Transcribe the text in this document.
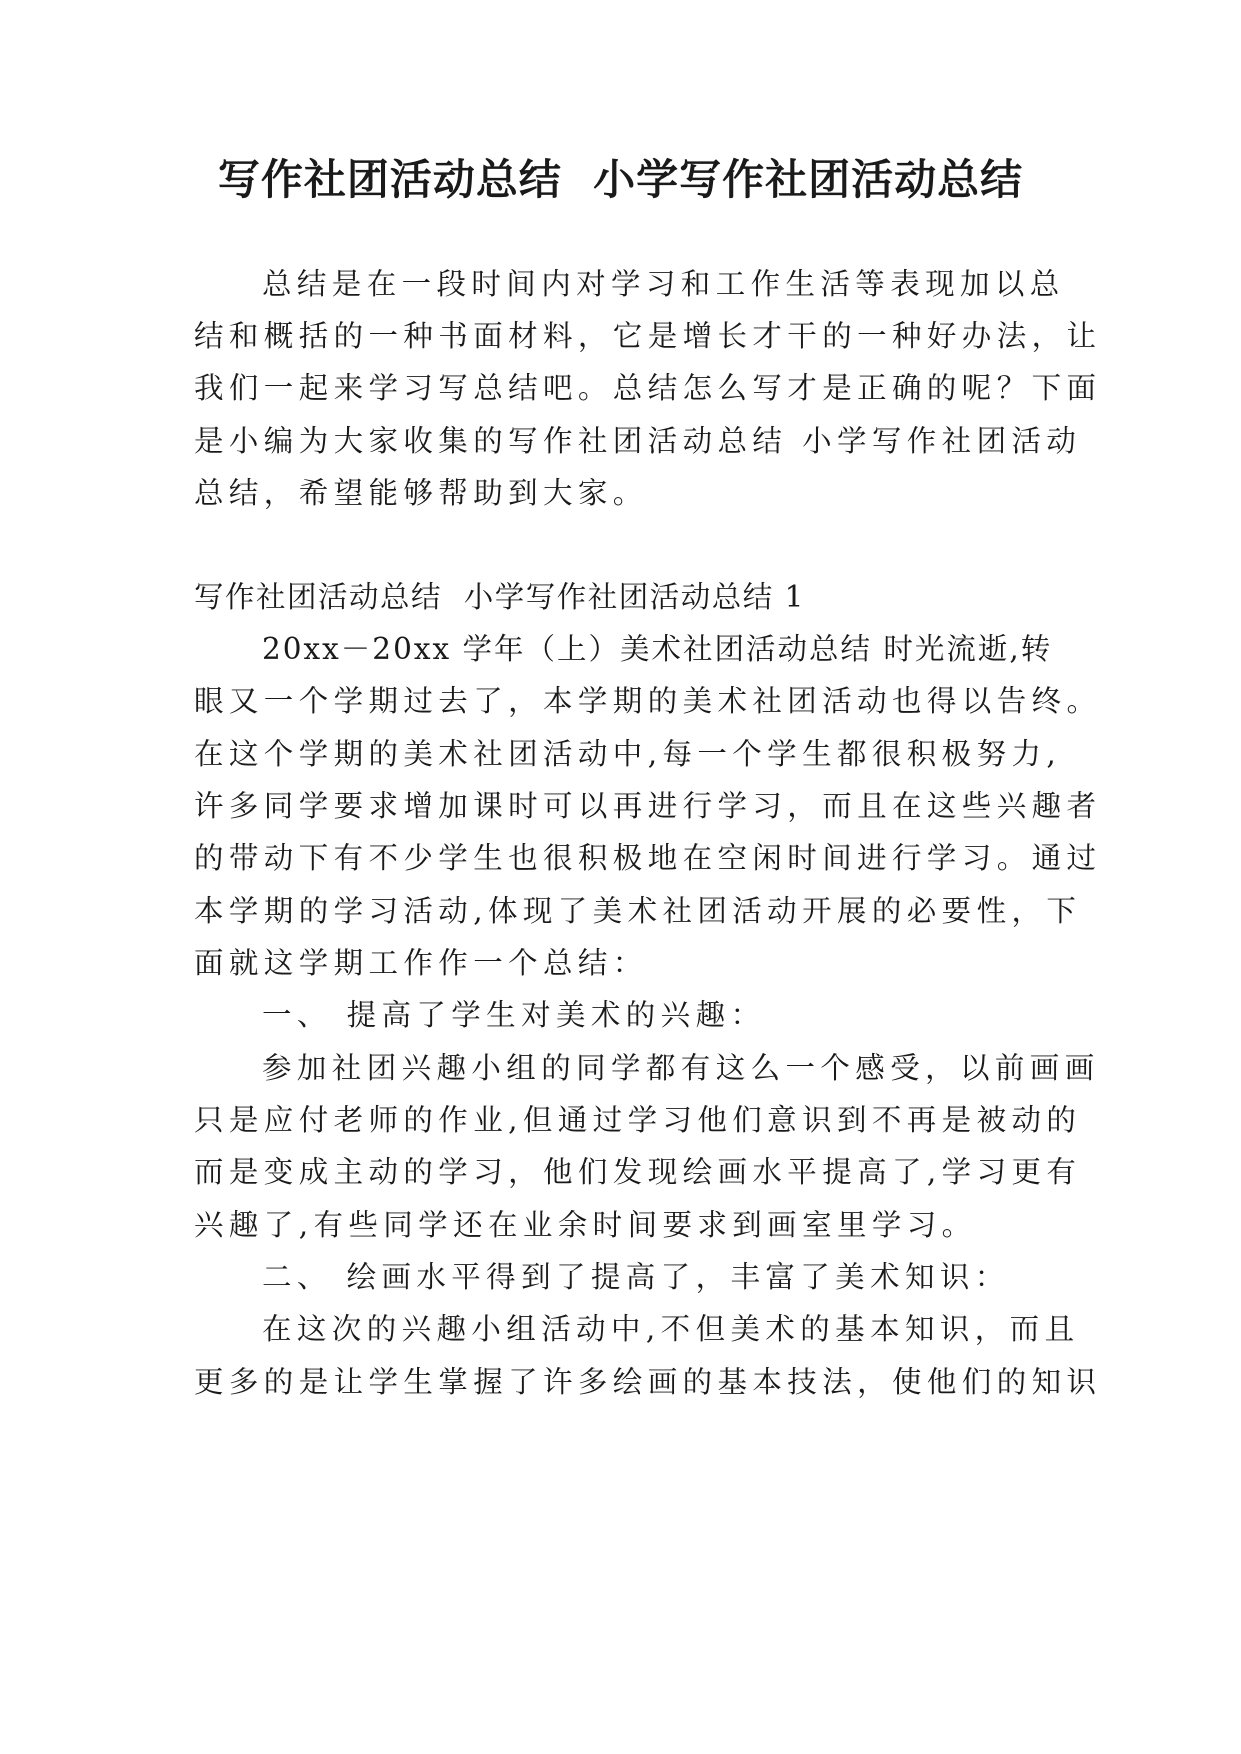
写作社团活动总结  小学写作社团活动总结
总结是在一段时间内对学习和工作生活等表现加以总
结和概括的一种书面材料，它是增长才干的一种好办法，让
我们一起来学习写总结吧。总结怎么写才是正确的呢？下面
是小编为大家收集的写作社团活动总结 小学写作社团活动
总结，希望能够帮助到大家。
写作社团活动总结  小学写作社团活动总结 1
20xx－20xx 学年（上）美术社团活动总结 时光流逝,转
眼又一个学期过去了，本学期的美术社团活动也得以告终。
在这个学期的美术社团活动中,每一个学生都很积极努力,
许多同学要求增加课时可以再进行学习，而且在这些兴趣者
的带动下有不少学生也很积极地在空闲时间进行学习。通过
本学期的学习活动,体现了美术社团活动开展的必要性，下
面就这学期工作作一个总结：
一、 提高了学生对美术的兴趣：
参加社团兴趣小组的同学都有这么一个感受，以前画画
只是应付老师的作业,但通过学习他们意识到不再是被动的
而是变成主动的学习，他们发现绘画水平提高了,学习更有
兴趣了,有些同学还在业余时间要求到画室里学习。
二、 绘画水平得到了提高了，丰富了美术知识：
在这次的兴趣小组活动中,不但美术的基本知识，而且
更多的是让学生掌握了许多绘画的基本技法，使他们的知识
